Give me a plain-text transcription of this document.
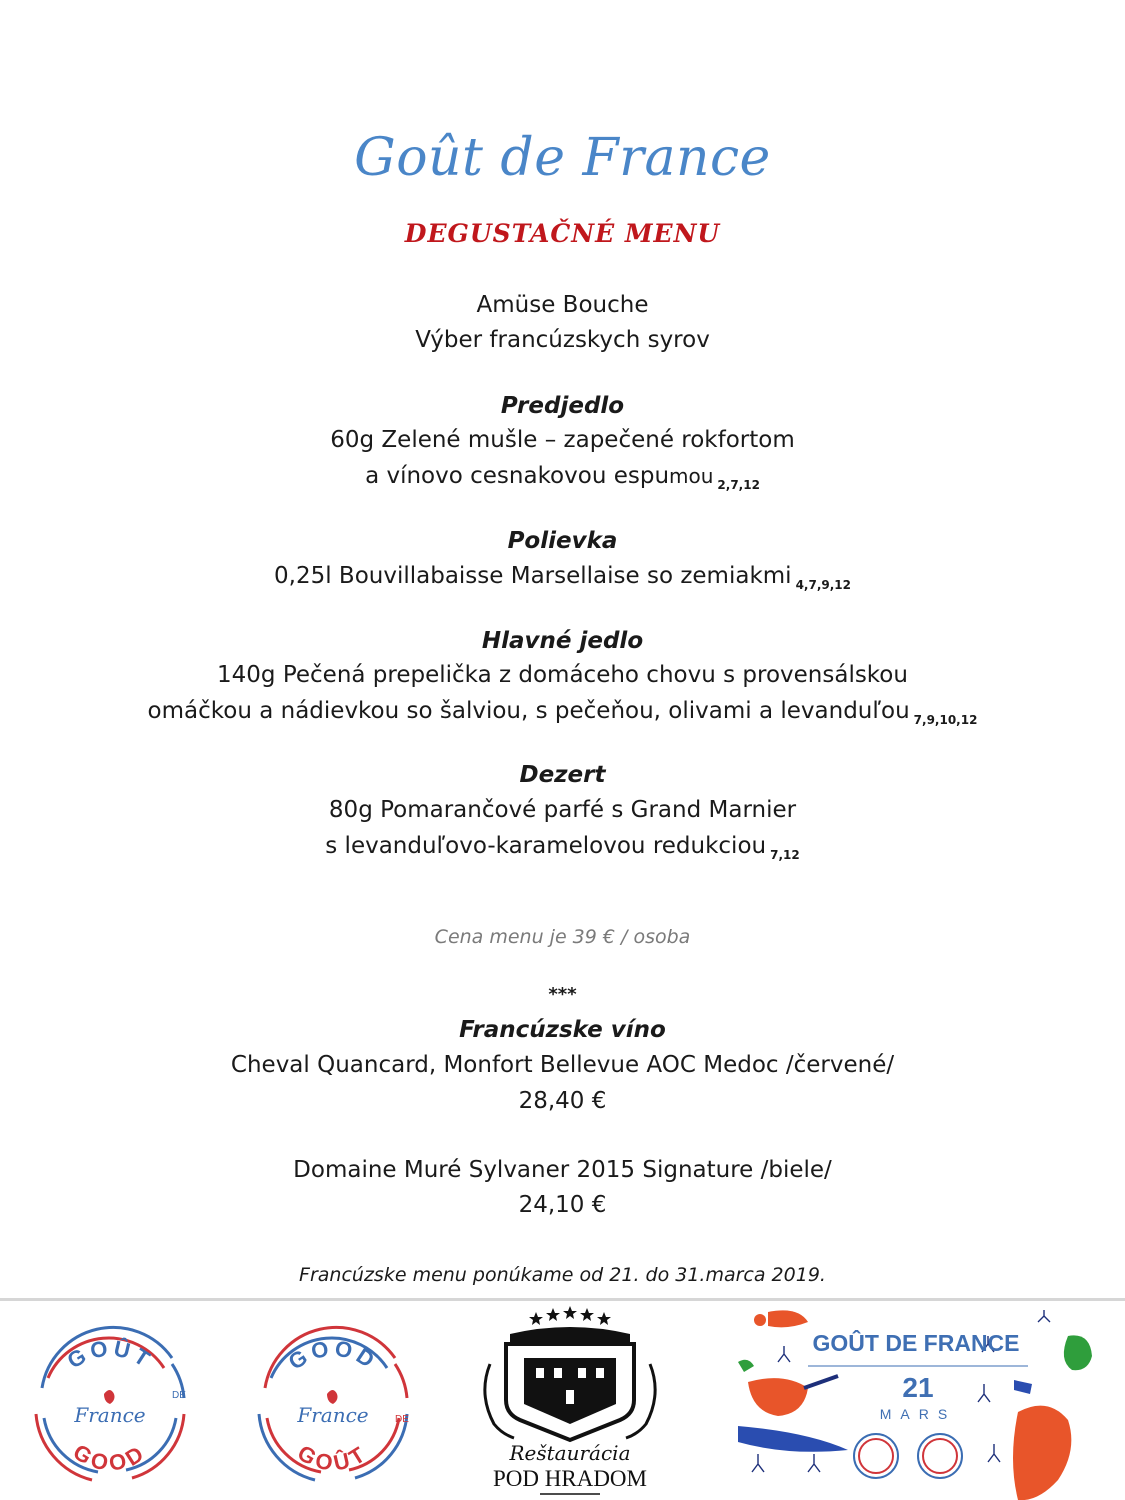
Goût de France
DEGUSTAČNÉ MENU
Amüse Bouche
Výber francúzskych syrov
Predjedlo
60g Zelené mušle – zapečené rokfortom
a vínovo cesnakovou espumou $_{2,7,12}$
Polievka
0,25l Bouvillabaisse Marsellaise so zemiakmi $_{4,7,9,12}$
Hlavné jedlo
140g Pečená prepelička z domáceho chovu s provensálskou
omáčkou a nádievkou so šalviou, s pečeňou, olivami a levanduľou $_{7,9,10,12}$
Dezert
80g Pomarančové parfé s Grand Marnier
s levanduľovo-karamelovou redukciou $_{7,12}$
Cena menu je 39 € / osoba
***
Francúzske víno
Cheval Quancard, Monfort Bellevue AOC Medoc /červené/
28,40 €
Domaine Muré Sylvaner 2015 Signature /biele/
24,10 €
Francúzske menu ponúkame od 21. do 31.marca 2019.
GOÛT
DE
France
GOOD
GOOD
France
GOÛT
DE
Reštaurácia
POD HRADOM
GOÛT DE FRANCE
21
MARS
